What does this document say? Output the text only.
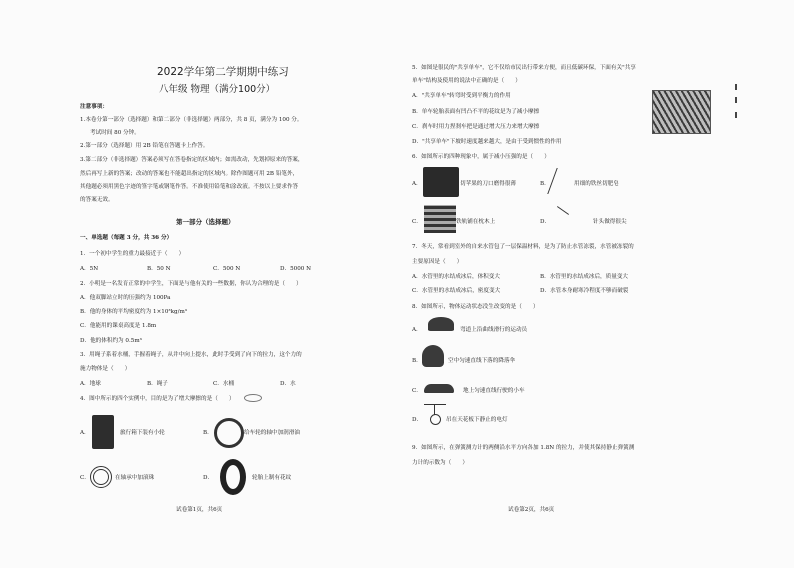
2022学年第二学期期中练习
八年级 物理（满分100分）
注意事项：
1.本卷分第一部分（选择题）和第二部分（非选择题）两部分，共 8 页，满分为 100 分。
考试时间 80 分钟。
2.第一部分（选择题）用 2B 铅笔在答题卡上作答。
3.第二部分（非选择题）答案必须写在答卷指定的区域内；如需改动，先划掉原来的答案，
然后再写上新的答案；改动的答案也不能超出指定的区域内。除作图题可用 2B 铅笔外，
其他题必须用黑色字迹的签字笔或钢笔作答。不准使用铅笔和涂改液。不按以上要求作答
的答案无效。
第一部分（选择题）
一、单选题（每题 3 分，共 36 分）
1．一个初中学生的重力最接近于（　　）
A．5N	B．50 N	C．500 N	D．5000 N
2．小明是一名发育正常的中学生，下面是与他有关的一些数据，你认为合理的是（　　）
A．他双脚站立时的压强约为 100Pa
B．他的身体的平均密度约为 1×10³kg/m³
C．他能用的课桌高度是 1.8m
D．他的体积约为 0.5m³
3．用绳子系着水桶，手握着绳子，从井中向上提水，此时手受到了向下的拉力，这个力的
施力物体是（　　）
A．地球	B．绳子	C．水桶	D．水
4．图中所示的四个实例中，目的是为了增大摩擦的是（　　）
A．	旅行箱下装有小轮	B．	给车轮的轴中加润滑油
C．	在轴承中加滚珠	D．	轮胎上制有花纹
试卷第1页，共6页
5．如图是很民的"共享单车"，它不仅给市民出行带来方便，而且低碳环保，下面有关"共享
单车"结构及使用的说法中正确的是（　　）
A．"共享单车"转弯时受到平衡力的作用
B．单车轮胎表面有凹凸不平的花纹是为了减小摩擦
C．刹车时用力捏刹车把是通过增大压力来增大摩擦
D．"共享单车"下坡时速度越来越大，是由于受到惯性的作用
6．如图所示的四种现象中，属于减小压强的是（　　）
A．	切苹果的刀口磨得很薄	B．	用细的铁丝切肥皂
C．	铁轨铺在枕木上	D．	针头做得很尖
7．冬天，常看到室外的自来水管包了一层保温材料，是为了防止水管冻裂，水管被冻裂的
主要原因是（　　）
A．水管里的水结成冰后，体积变大	B．水管里的水结成冰后，质量变大
C．水管里的水结成冰后，密度变大	D．水管本身耐寒冷程度不够而破裂
8．如图所示，物体运动状态没生改变的是（　　）
A．	弯道上沿曲线滑行的运动员
B．	空中匀速直线下落的降落伞
C．	地上匀速直线行驶的小车
D．	吊在天花板下静止的电灯
9．如图所示，在弹簧测力计的两侧沿水平方向各加 1.8N 的拉力，并使其保持静止弹簧测
力计的示数为（　　）
试卷第2页，共6页
